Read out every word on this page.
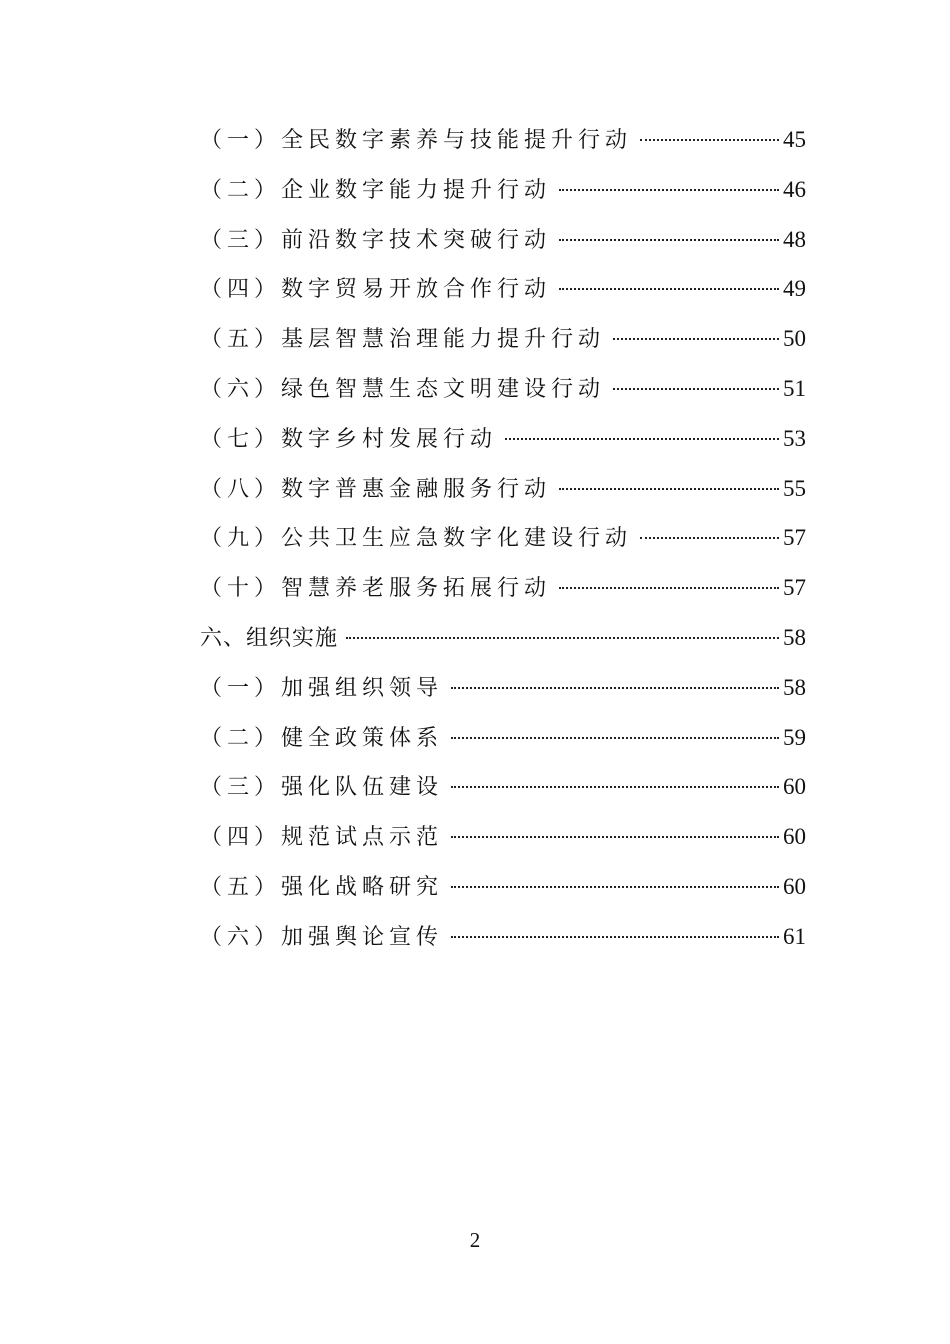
（一）全民数字素养与技能提升行动	45
（二）企业数字能力提升行动	46
（三）前沿数字技术突破行动	48
（四）数字贸易开放合作行动	49
（五）基层智慧治理能力提升行动	50
（六）绿色智慧生态文明建设行动	51
（七）数字乡村发展行动	53
（八）数字普惠金融服务行动	55
（九）公共卫生应急数字化建设行动	57
（十）智慧养老服务拓展行动	57
六、组织实施	58
（一）加强组织领导	58
（二）健全政策体系	59
（三）强化队伍建设	60
（四）规范试点示范	60
（五）强化战略研究	60
（六）加强舆论宣传	61
2
